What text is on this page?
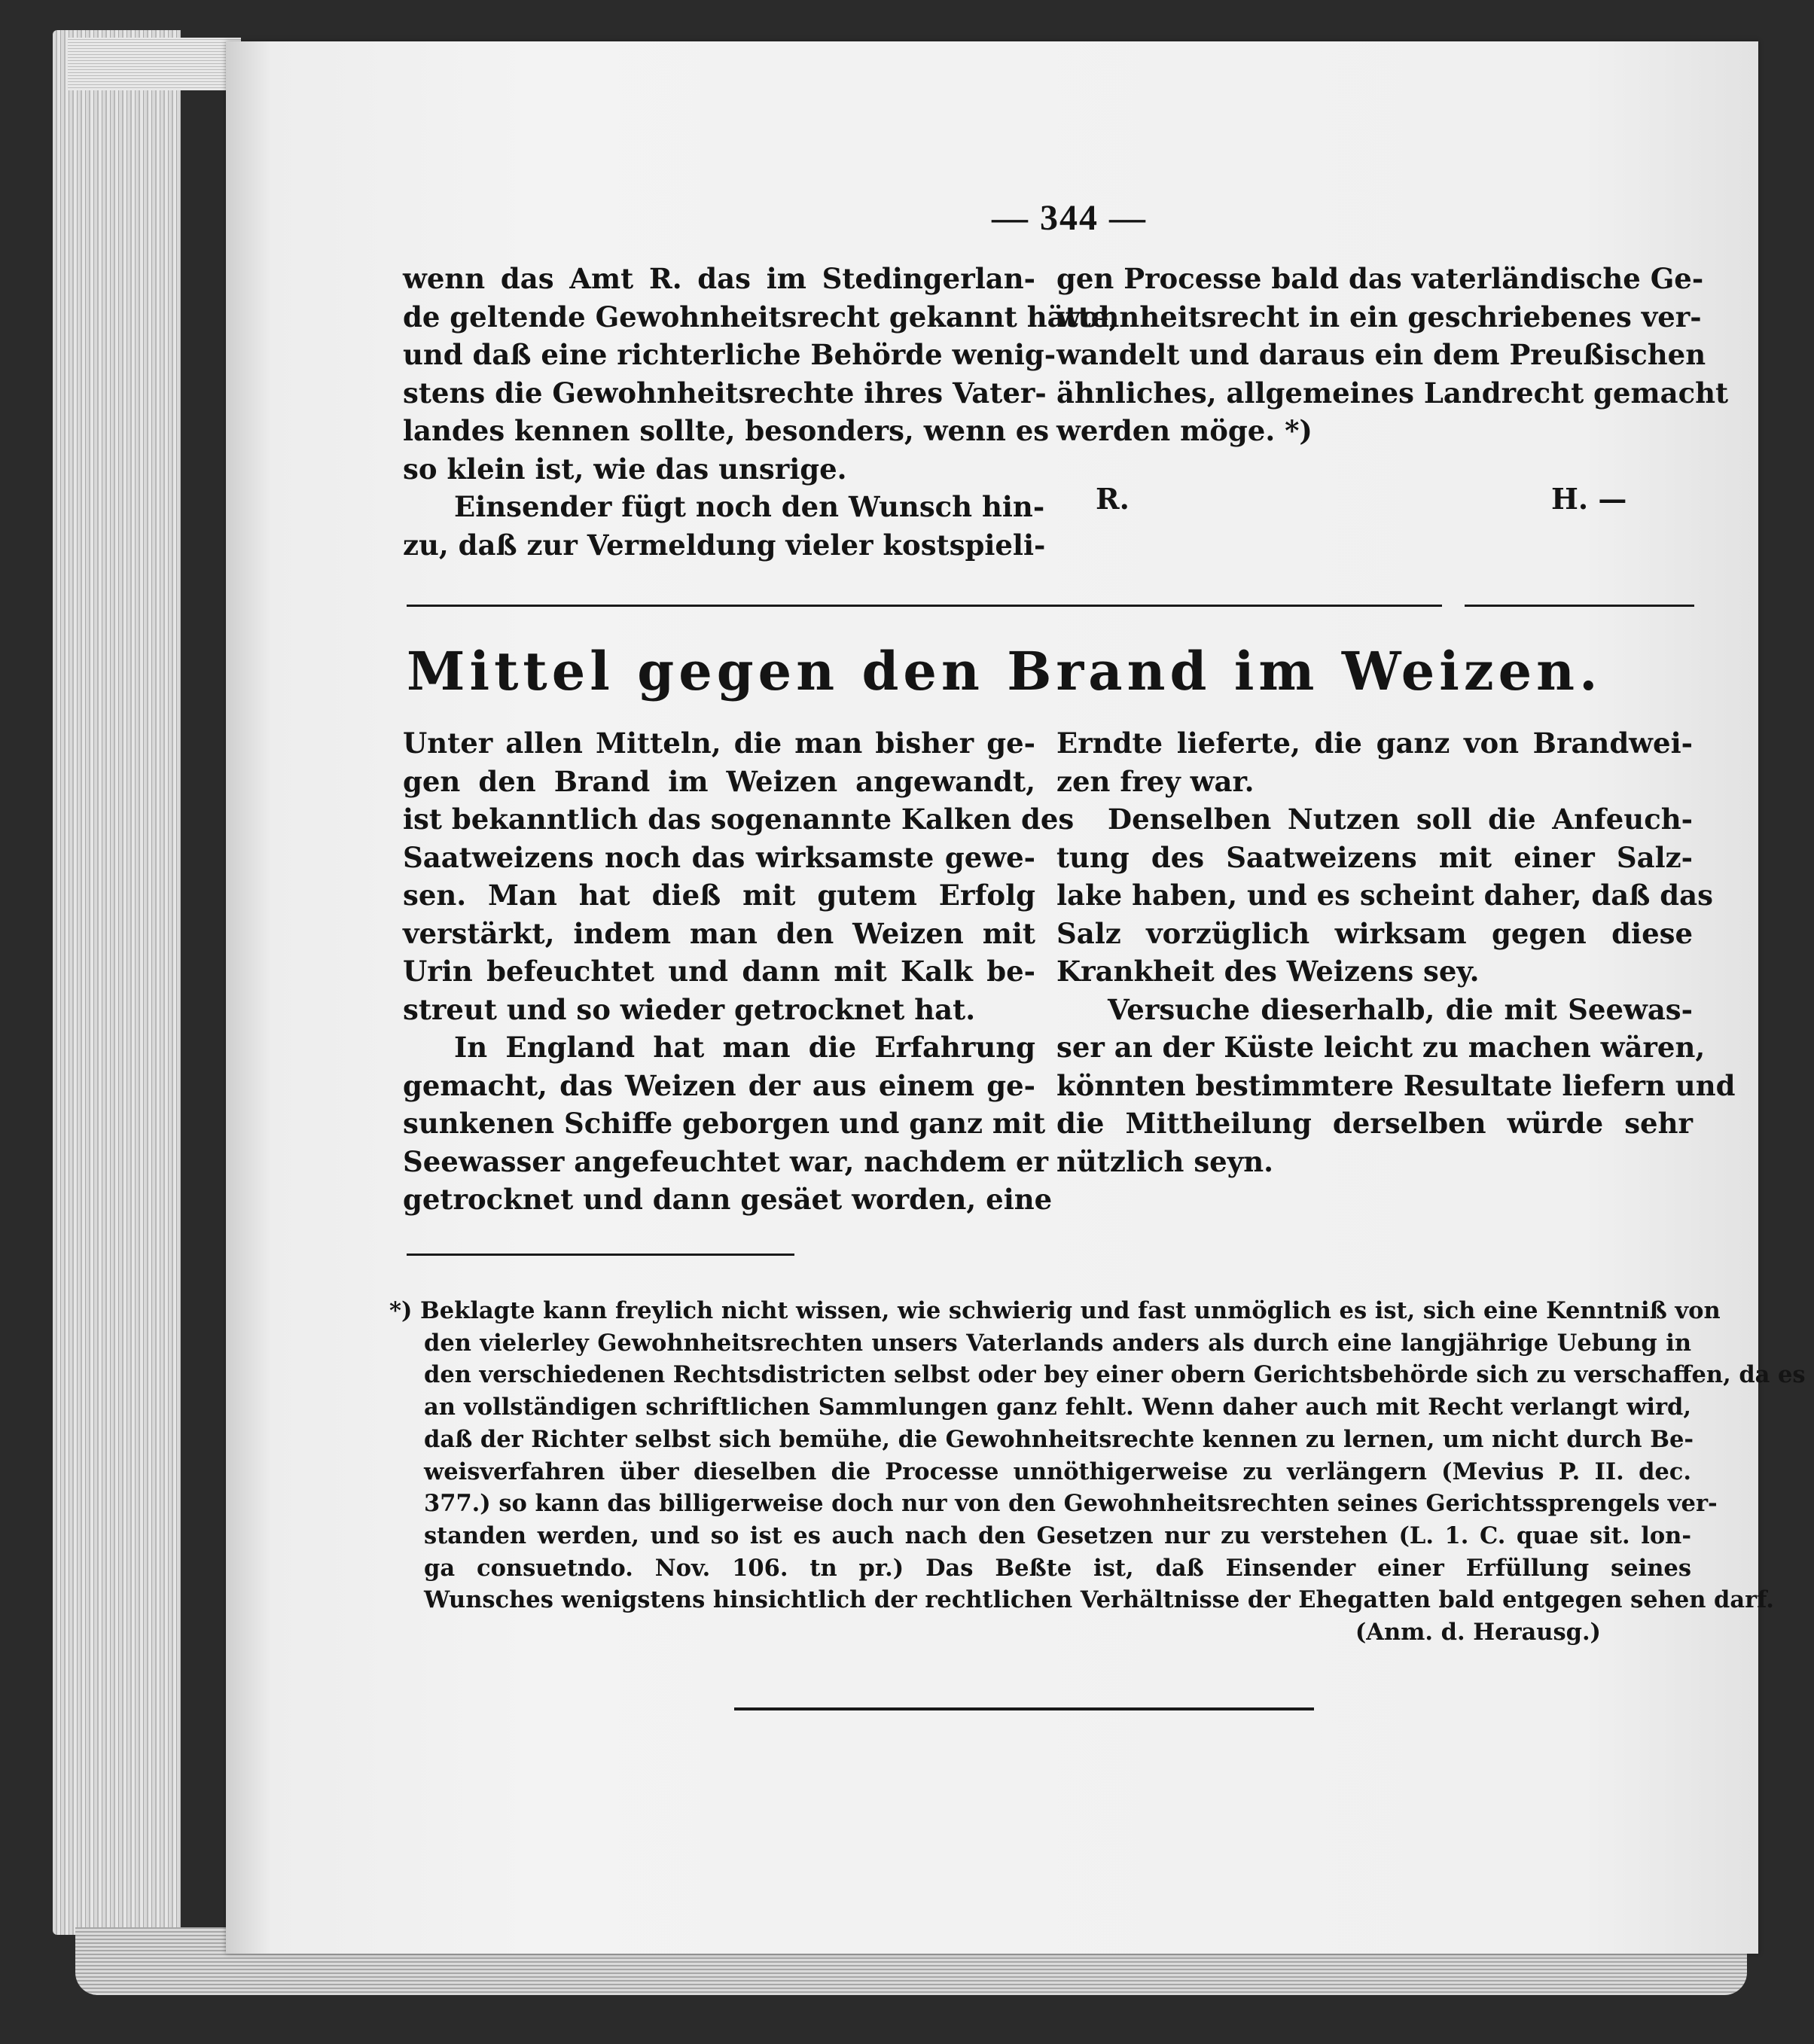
— 344 —
wenn das Amt R. das im Stedingerlan-
de geltende Gewohnheitsrecht gekannt hätte,
und daß eine richterliche Behörde wenig-
stens die Gewohnheitsrechte ihres Vater-
landes kennen sollte, besonders, wenn es
so klein ist, wie das unsrige.
Einsender fügt noch den Wunsch hin-
zu, daß zur Vermeldung vieler kostspieli-
gen Processe bald das vaterländische Ge-
wohnheitsrecht in ein geschriebenes ver-
wandelt und daraus ein dem Preußischen
ähnliches, allgemeines Landrecht gemacht
werden möge. *)
R.	H. —
Mittel gegen den Brand im Weizen.
Unter allen Mitteln, die man bisher ge-
gen den Brand im Weizen angewandt,
ist bekanntlich das sogenannte Kalken des
Saatweizens noch das wirksamste gewe-
sen. Man hat dieß mit gutem Erfolg
verstärkt, indem man den Weizen mit
Urin befeuchtet und dann mit Kalk be-
streut und so wieder getrocknet hat.
In England hat man die Erfahrung
gemacht, das Weizen der aus einem ge-
sunkenen Schiffe geborgen und ganz mit
Seewasser angefeuchtet war, nachdem er
getrocknet und dann gesäet worden, eine
Erndte lieferte, die ganz von Brandwei-
zen frey war.
Denselben Nutzen soll die Anfeuch-
tung des Saatweizens mit einer Salz-
lake haben, und es scheint daher, daß das
Salz vorzüglich wirksam gegen diese
Krankheit des Weizens sey.
Versuche dieserhalb, die mit Seewas-
ser an der Küste leicht zu machen wären,
könnten bestimmtere Resultate liefern und
die Mittheilung derselben würde sehr
nützlich seyn.
*) Beklagte kann freylich nicht wissen, wie schwierig und fast unmöglich es ist, sich eine Kenntniß von
den vielerley Gewohnheitsrechten unsers Vaterlands anders als durch eine langjährige Uebung in
den verschiedenen Rechtsdistricten selbst oder bey einer obern Gerichtsbehörde sich zu verschaffen, da es
an vollständigen schriftlichen Sammlungen ganz fehlt. Wenn daher auch mit Recht verlangt wird,
daß der Richter selbst sich bemühe, die Gewohnheitsrechte kennen zu lernen, um nicht durch Be-
weisverfahren über dieselben die Processe unnöthigerweise zu verlängern (Mevius P. II. dec.
377.) so kann das billigerweise doch nur von den Gewohnheitsrechten seines Gerichtssprengels ver-
standen werden, und so ist es auch nach den Gesetzen nur zu verstehen (L. 1. C. quae sit. lon-
ga consuetndo. Nov. 106. tn pr.) Das Beßte ist, daß Einsender einer Erfüllung seines
Wunsches wenigstens hinsichtlich der rechtlichen Verhältnisse der Ehegatten bald entgegen sehen darf.
(Anm. d. Herausg.)
